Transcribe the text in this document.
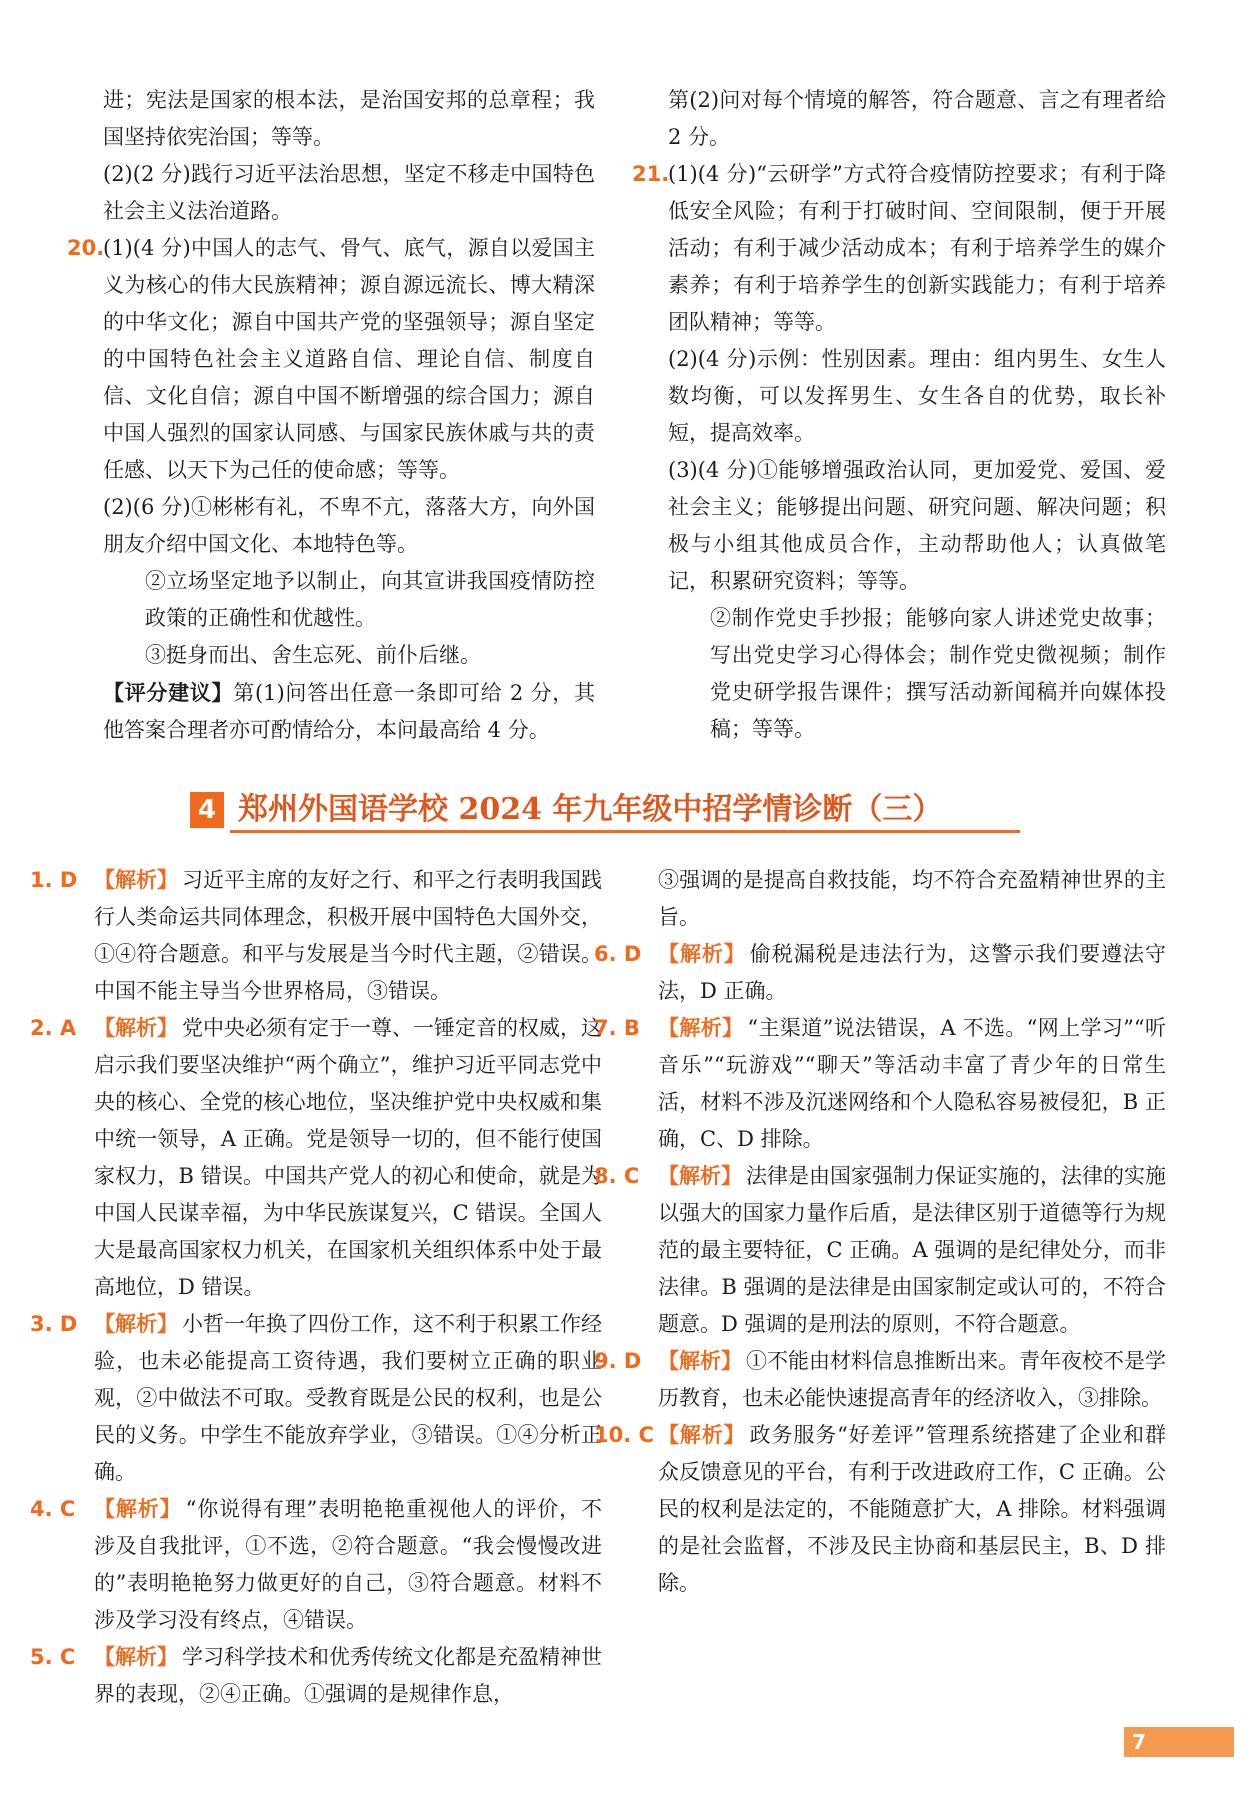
进；宪法是国家的根本法，是治国安邦的总章程；我国坚持依宪治国；等等。

(2)(2 分)践行习近平法治思想，坚定不移走中国特色社会主义法治道路。

20.
(1)(4 分)中国人的志气、骨气、底气，源自以爱国主义为核心的伟大民族精神；源自源远流长、博大精深的中华文化；源自中国共产党的坚强领导；源自坚定的中国特色社会主义道路自信、理论自信、制度自信、文化自信；源自中国不断增强的综合国力；源自中国人强烈的国家认同感、与国家民族休戚与共的责任感、以天下为己任的使命感；等等。

(2)(6 分)①彬彬有礼，不卑不亢，落落大方，向外国朋友介绍中国文化、本地特色等。

②立场坚定地予以制止，向其宣讲我国疫情防控政策的正确性和优越性。

③挺身而出、舍生忘死、前仆后继。

【评分建议】第(1)问答出任意一条即可给 2 分，其他答案合理者亦可酌情给分，本问最高给 4 分。

第(2)问对每个情境的解答，符合题意、言之有理者给 2 分。

21.
(1)(4 分)“云研学”方式符合疫情防控要求；有利于降低安全风险；有利于打破时间、空间限制，便于开展活动；有利于减少活动成本；有利于培养学生的媒介素养；有利于培养学生的创新实践能力；有利于培养团队精神；等等。

(2)(4 分)示例：性别因素。理由：组内男生、女生人数均衡，可以发挥男生、女生各自的优势，取长补短，提高效率。

(3)(4 分)①能够增强政治认同，更加爱党、爱国、爱社会主义；能够提出问题、研究问题、解决问题；积极与小组其他成员合作，主动帮助他人；认真做笔记，积累研究资料；等等。

②制作党史手抄报；能够向家人讲述党史故事；写出党史学习心得体会；制作党史微视频；制作党史研学报告课件；撰写活动新闻稿并向媒体投稿；等等。

4 郑州外国语学校 2024 年九年级中招学情诊断（三）

1. D 【解析】 习近平主席的友好之行、和平之行表明我国践行人类命运共同体理念，积极开展中国特色大国外交，①④符合题意。和平与发展是当今时代主题，②错误。中国不能主导当今世界格局，③错误。

2. A 【解析】 党中央必须有定于一尊、一锤定音的权威，这启示我们要坚决维护“两个确立”，维护习近平同志党中央的核心、全党的核心地位，坚决维护党中央权威和集中统一领导，A 正确。党是领导一切的，但不能行使国家权力，B 错误。中国共产党人的初心和使命，就是为中国人民谋幸福，为中华民族谋复兴，C 错误。全国人大是最高国家权力机关，在国家机关组织体系中处于最高地位，D 错误。

3. D 【解析】 小哲一年换了四份工作，这不利于积累工作经验，也未必能提高工资待遇，我们要树立正确的职业观，②中做法不可取。受教育既是公民的权利，也是公民的义务。中学生不能放弃学业，③错误。①④分析正确。

4. C 【解析】 “你说得有理”表明艳艳重视他人的评价，不涉及自我批评，①不选，②符合题意。“我会慢慢改进的”表明艳艳努力做更好的自己，③符合题意。材料不涉及学习没有终点，④错误。

5. C 【解析】 学习科学技术和优秀传统文化都是充盈精神世界的表现，②④正确。①强调的是规律作息，

③强调的是提高自救技能，均不符合充盈精神世界的主旨。

6. D 【解析】 偷税漏税是违法行为，这警示我们要遵法守法，D 正确。

7. B 【解析】 “主渠道”说法错误，A 不选。“网上学习”“听音乐”“玩游戏”“聊天”等活动丰富了青少年的日常生活，材料不涉及沉迷网络和个人隐私容易被侵犯，B 正确，C、D 排除。

8. C 【解析】 法律是由国家强制力保证实施的，法律的实施以强大的国家力量作后盾，是法律区别于道德等行为规范的最主要特征，C 正确。A 强调的是纪律处分，而非法律。B 强调的是法律是由国家制定或认可的，不符合题意。D 强调的是刑法的原则，不符合题意。

9. D 【解析】 ①不能由材料信息推断出来。青年夜校不是学历教育，也未必能快速提高青年的经济收入，③排除。

10. C 【解析】 政务服务“好差评”管理系统搭建了企业和群众反馈意见的平台，有利于改进政府工作，C 正确。公民的权利是法定的，不能随意扩大，A 排除。材料强调的是社会监督，不涉及民主协商和基层民主，B、D 排除。

7
